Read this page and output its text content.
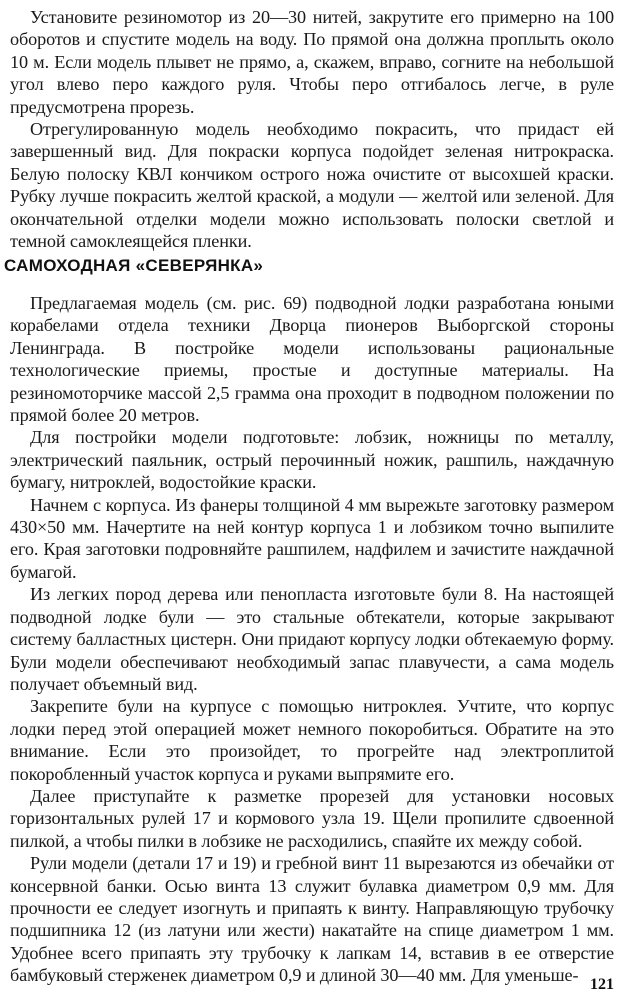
Установите резиномотор из 20—30 нитей, закрутите его примерно на 100 оборотов и спустите модель на воду. По прямой она должна проплыть около 10 м. Если модель плывет не прямо, а, скажем, вправо, согните на небольшой угол влево перо каждого руля. Чтобы перо отгибалось легче, в руле предусмотрена прорезь.

Отрегулированную модель необходимо покрасить, что придаст ей завершенный вид. Для покраски корпуса подойдет зеленая нитрокраска. Белую полоску КВЛ кончиком острого ножа очистите от высохшей краски. Рубку лучше покрасить желтой краской, а модули — желтой или зеленой. Для окончательной отделки модели можно использовать полоски светлой и темной самоклеящейся пленки.

САМОХОДНАЯ «СЕВЕРЯНКА»

Предлагаемая модель (см. рис. 69) подводной лодки разработана юными корабелами отдела техники Дворца пионеров Выборгской стороны Ленинграда. В постройке модели использованы рациональные технологические приемы, простые и доступные материалы. На резиномоторчике массой 2,5 грамма она проходит в подводном положении по прямой более 20 метров.

Для постройки модели подготовьте: лобзик, ножницы по металлу, электрический паяльник, острый перочинный ножик, рашпиль, наждачную бумагу, нитроклей, водостойкие краски.

Начнем с корпуса. Из фанеры толщиной 4 мм вырежьте заготовку размером 430×50 мм. Начертите на ней контур корпуса 1 и лобзиком точно выпилите его. Края заготовки подровняйте рашпилем, надфилем и зачистите наждачной бумагой.

Из легких пород дерева или пенопласта изготовьте були 8. На настоящей подводной лодке були — это стальные обтекатели, которые закрывают систему балластных цистерн. Они придают корпусу лодки обтекаемую форму. Були модели обеспечивают необходимый запас плавучести, а сама модель получает объемный вид.

Закрепите були на курпусе с помощью нитроклея. Учтите, что корпус лодки перед этой операцией может немного покоробиться. Обратите на это внимание. Если это произойдет, то прогрейте над электроплитой покоробленный участок корпуса и руками выпрямите его.

Далее приступайте к разметке прорезей для установки носовых горизонтальных рулей 17 и кормового узла 19. Щели пропилите сдвоенной пилкой, а чтобы пилки в лобзике не расходились, спаяйте их между собой.

Рули модели (детали 17 и 19) и гребной винт 11 вырезаются из обечайки от консервной банки. Осью винта 13 служит булавка диаметром 0,9 мм. Для прочности ее следует изогнуть и припаять к винту. Направляющую трубочку подшипника 12 (из латуни или жести) накатайте на спице диаметром 1 мм. Удобнее всего припаять эту трубочку к лапкам 14, вставив в ее отверстие бамбуковый стерженек диаметром 0,9 и длиной 30—40 мм. Для уменьше- 121
